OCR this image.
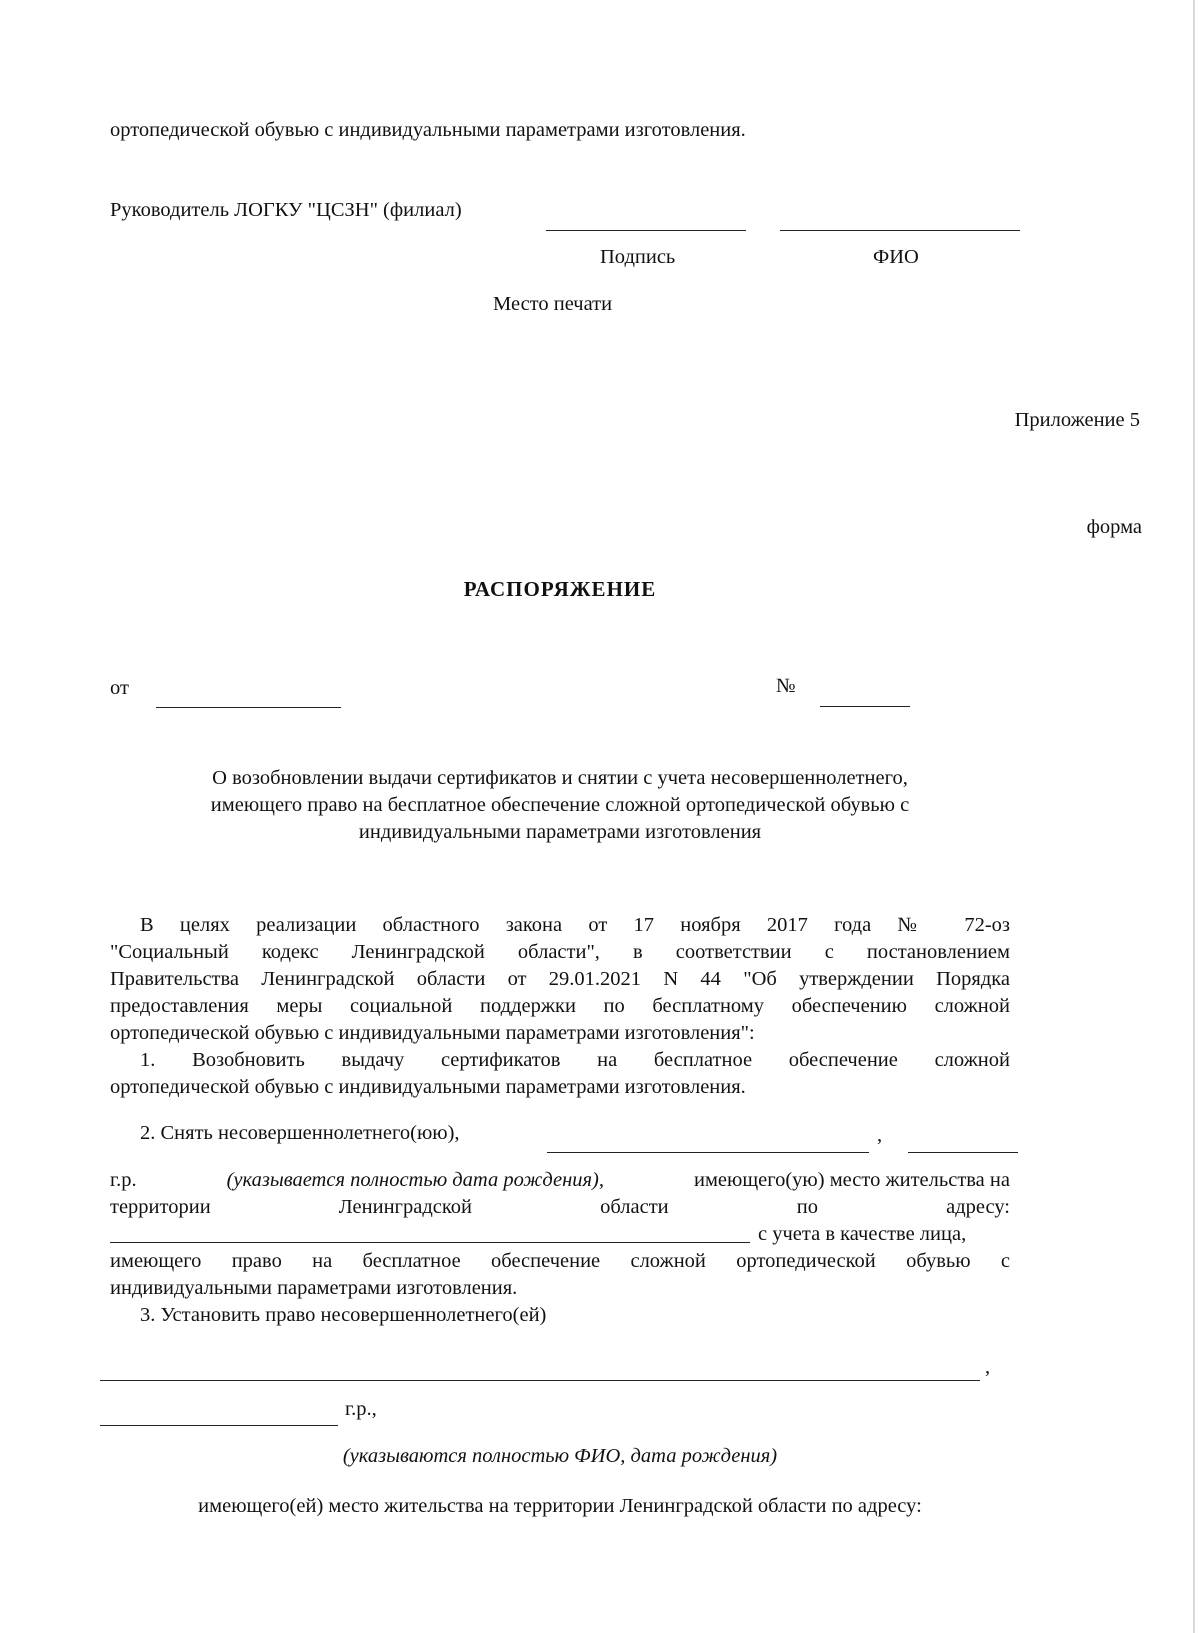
ортопедической обувью с индивидуальными параметрами изготовления.
Руководитель ЛОГКУ "ЦСЗН" (филиал)
Подпись	ФИО
Место печати
Приложение 5
форма
РАСПОРЯЖЕНИЕ
от	№
О возобновлении выдачи сертификатов и снятии с учета несовершеннолетнего,
имеющего право на бесплатное обеспечение сложной ортопедической обувью с
индивидуальными параметрами изготовления
В целях реализации областного закона от 17 ноября 2017 года № 72-оз
"Социальный кодекс Ленинградской области", в соответствии с постановлением
Правительства Ленинградской области от 29.01.2021 N 44 "Об утверждении Порядка
предоставления меры социальной поддержки по бесплатному обеспечению сложной
ортопедической обувью с индивидуальными параметрами изготовления":
1. Возобновить выдачу сертификатов на бесплатное обеспечение сложной
ортопедической обувью с индивидуальными параметрами изготовления.
2. Снять несовершеннолетнего(юю),	,
г.р.	(указывается полностью дата рождения),	имеющего(ую) место жительства на
территории Ленинградской области по адресу:
с учета в качестве лица,
имеющего право на бесплатное обеспечение сложной ортопедической обувью с
индивидуальными параметрами изготовления.
3. Установить право несовершеннолетнего(ей)
,
г.р.,
(указываются полностью ФИО, дата рождения)
имеющего(ей) место жительства на территории Ленинградской области по адресу:
